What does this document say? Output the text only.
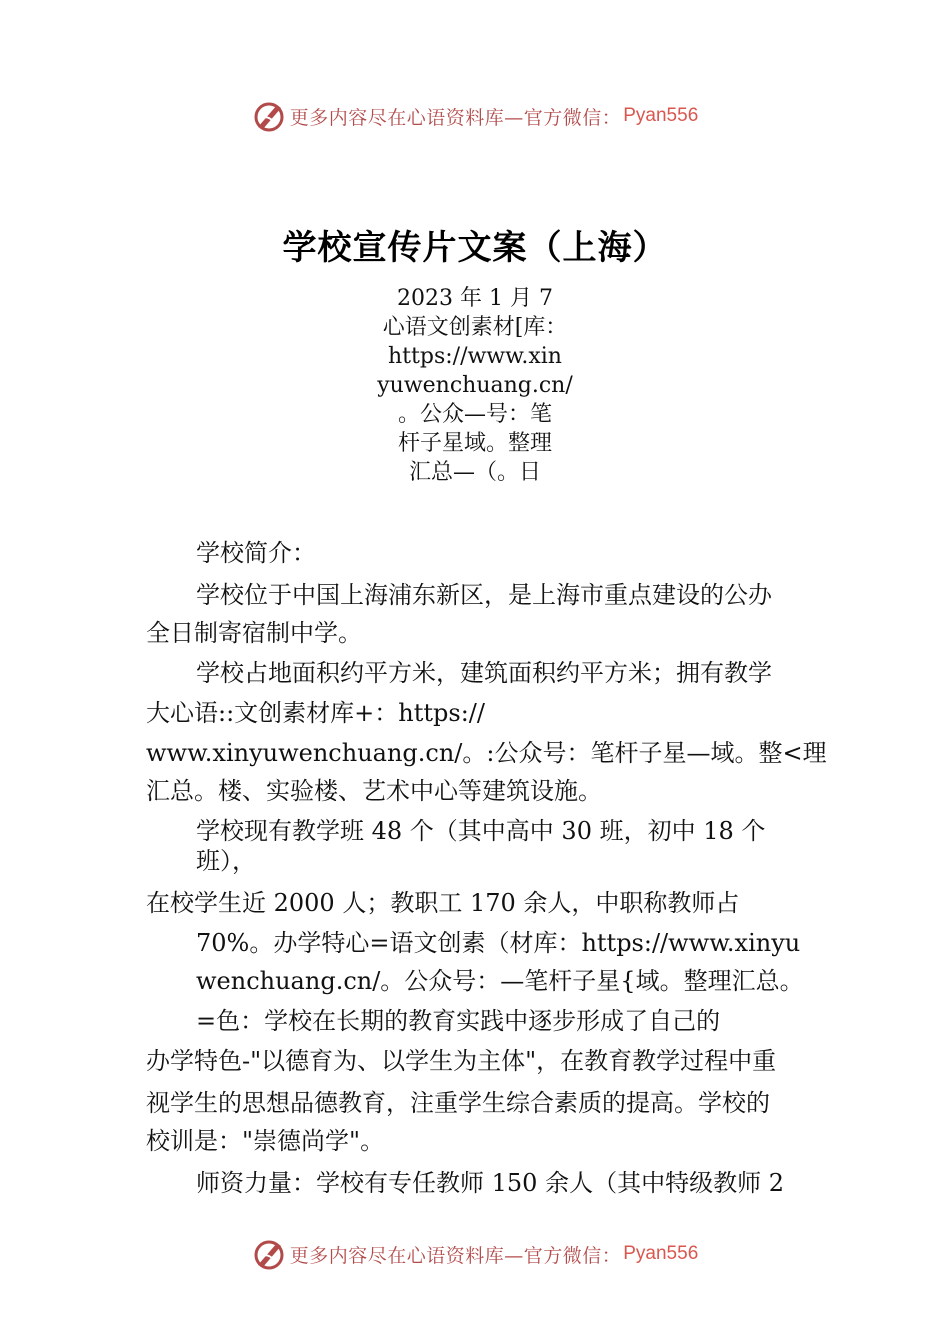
更多内容尽在心语资料库—官方微信： Pyan556
学校宣传片文案（上海）
2023 年 1 月 7
心语文创素材[库：
https://www.xin
yuwenchuang.cn/
。公众—号：笔
杆子星域。整理
汇总—（。日
学校简介：
学校位于中国上海浦东新区，是上海市重点建设的公办
全日制寄宿制中学。
学校占地面积约平方米，建筑面积约平方米；拥有教学
大心语::文创素材库+：https://
www.xinyuwenchuang.cn/。:公众号：笔杆子星—域。整<理
汇总。楼、实验楼、艺术中心等建筑设施。
学校现有教学班 48 个（其中高中 30 班，初中 18 个
班），
在校学生近 2000 人；教职工 170 余人，中职称教师占
70%。办学特心=语文创素（材库：https://www.xinyu
wenchuang.cn/。公众号：—笔杆子星{域。整理汇总。
=色：学校在长期的教育实践中逐步形成了自己的
办学特色-"以德育为、以学生为主体"，在教育教学过程中重
视学生的思想品德教育，注重学生综合素质的提高。学校的
校训是："崇德尚学"。
师资力量：学校有专任教师 150 余人（其中特级教师 2
更多内容尽在心语资料库—官方微信： Pyan556
